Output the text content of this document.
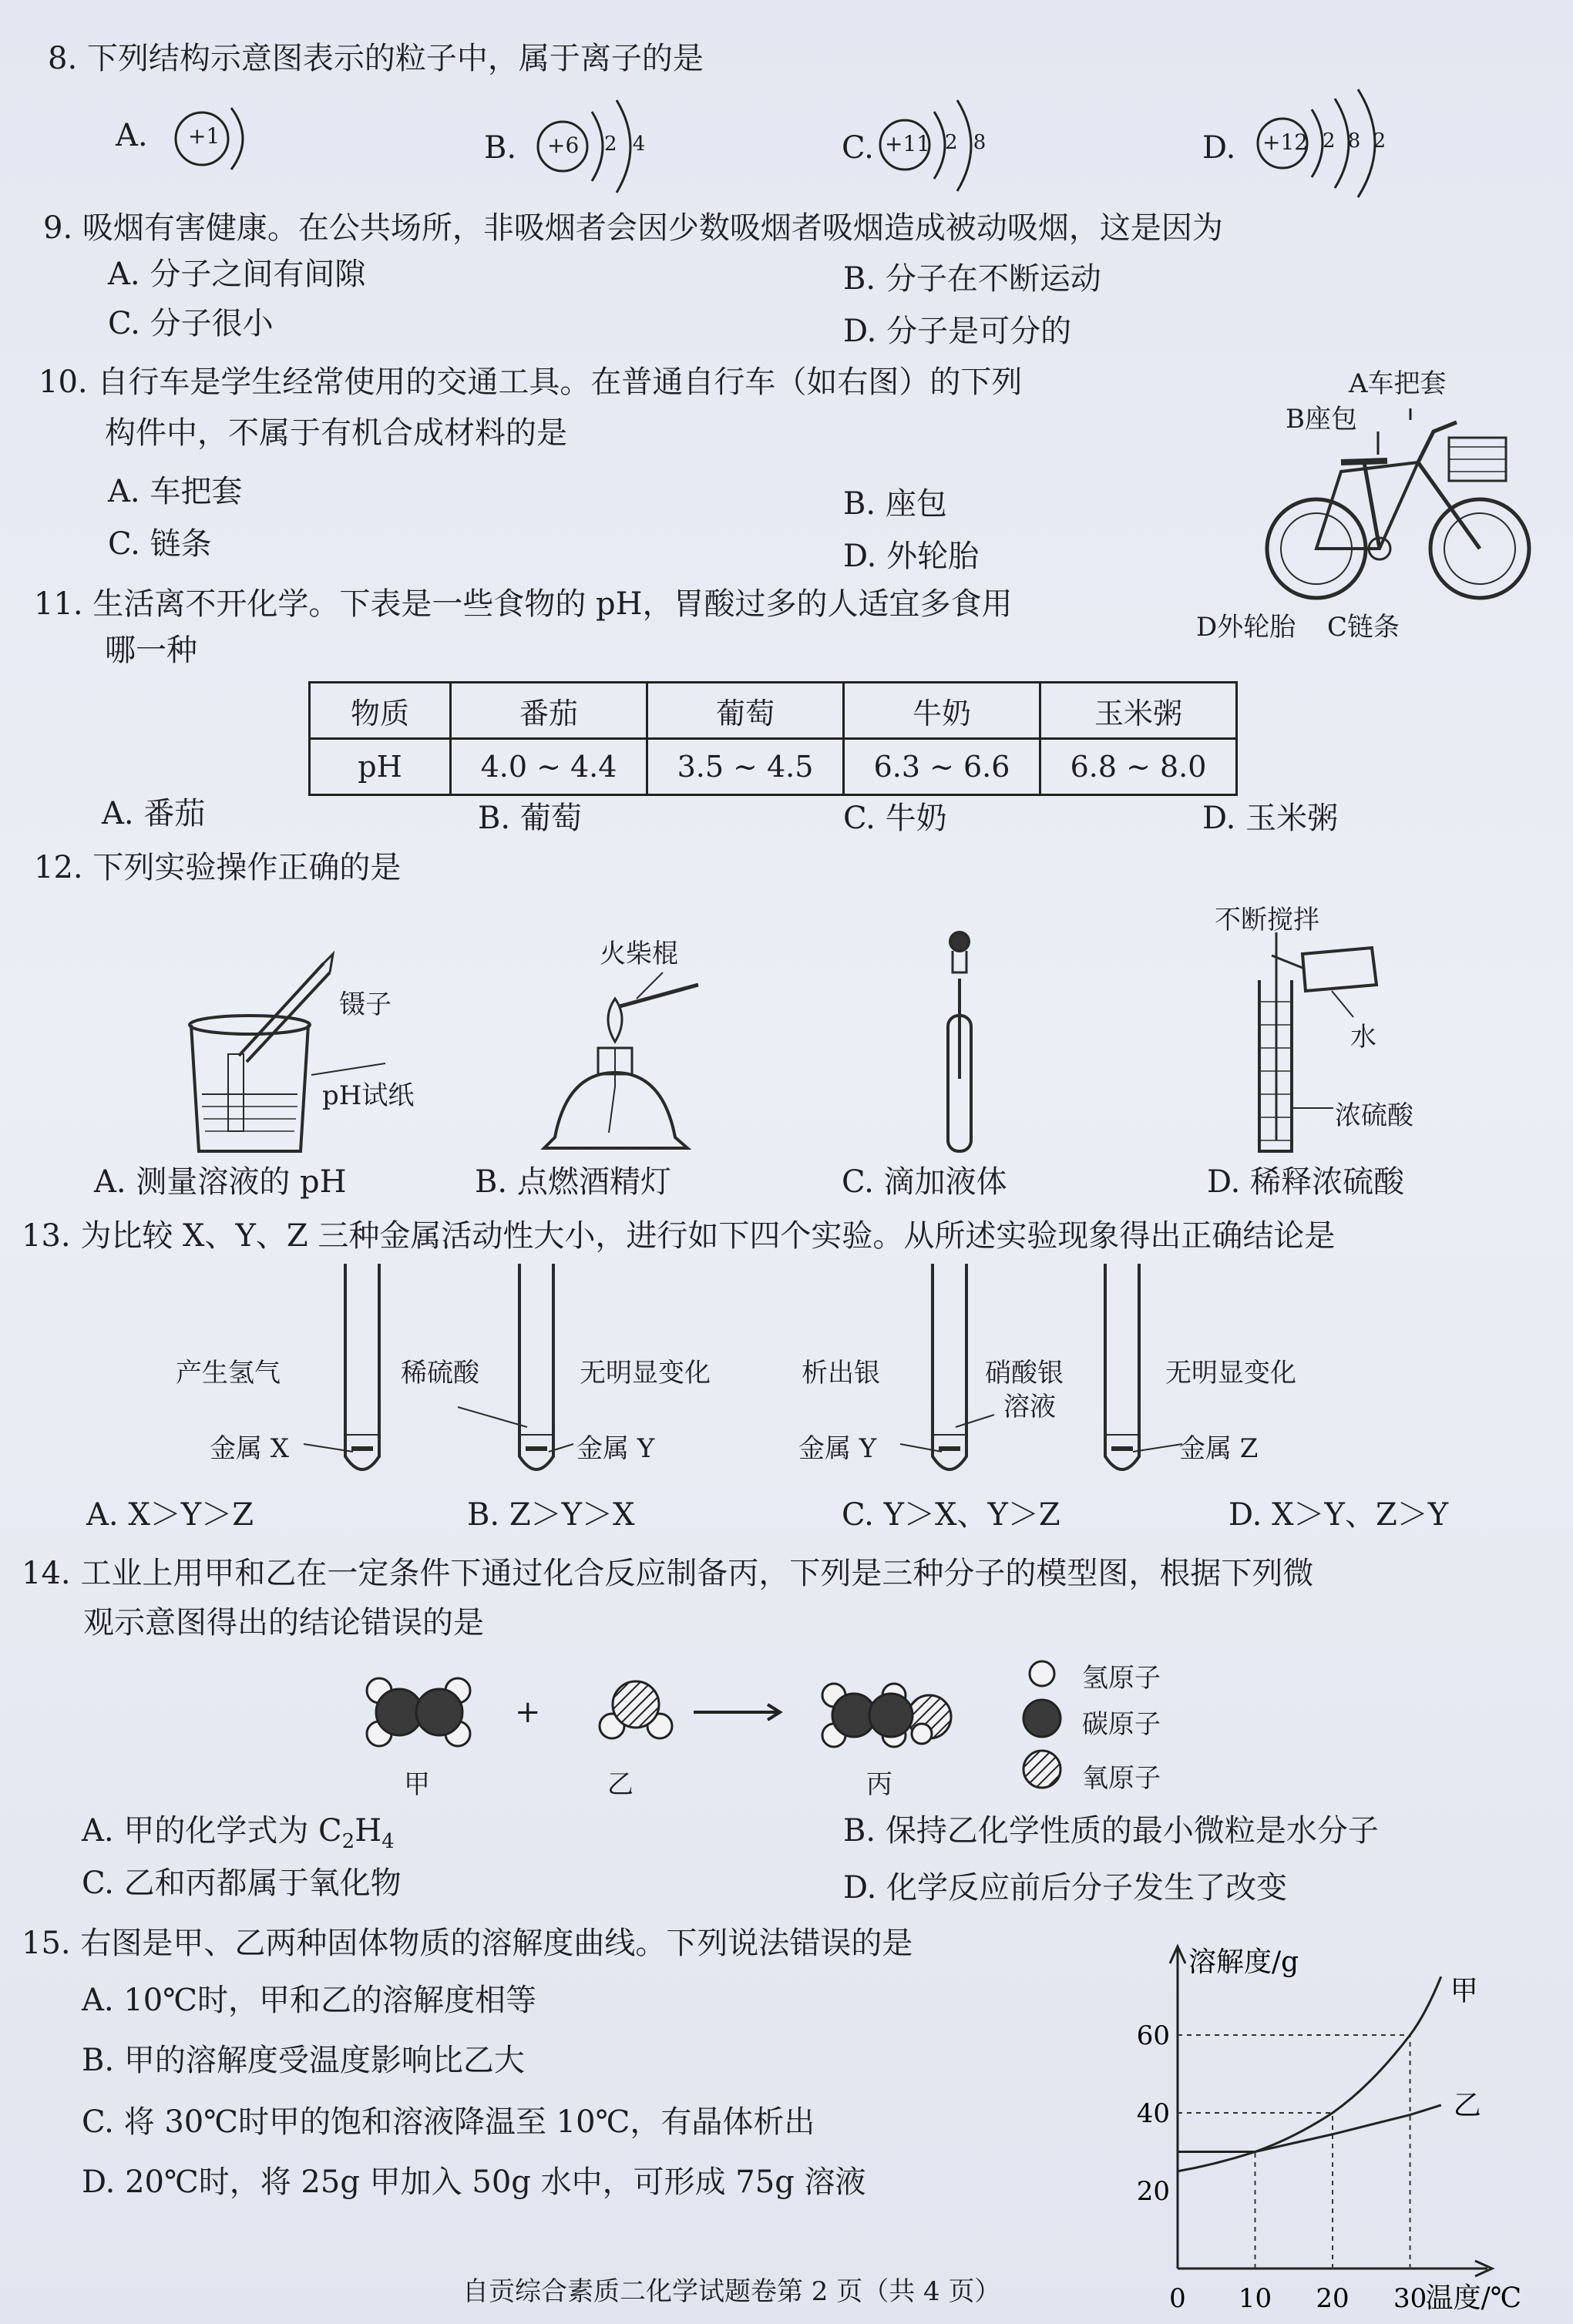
8. 下列结构示意图表示的粒子中，属于离子的是
A.	B.	C.	D.
+1	+6 2 4	+11 2 8	+12 2 8 2
9. 吸烟有害健康。在公共场所，非吸烟者会因少数吸烟者吸烟造成被动吸烟，这是因为
A. 分子之间有间隙	B. 分子在不断运动
C. 分子很小	D. 分子是可分的
10. 自行车是学生经常使用的交通工具。在普通自行车（如右图）的下列
构件中，不属于有机合成材料的是
A. 车把套	B. 座包
C. 链条	D. 外轮胎
A车把套
B座包
D外轮胎 C链条
11. 生活离不开化学。下表是一些食物的 pH，胃酸过多的人适宜多食用
哪一种
物质	番茄	葡萄	牛奶	玉米粥
pH	4.0 ~ 4.4	3.5 ~ 4.5	6.3 ~ 6.6	6.8 ~ 8.0
A. 番茄	B. 葡萄	C. 牛奶	D. 玉米粥
12. 下列实验操作正确的是
镊子
pH试纸
火柴棍
不断搅拌
水
浓硫酸
A. 测量溶液的 pH	B. 点燃酒精灯	C. 滴加液体	D. 稀释浓硫酸
13. 为比较 X、Y、Z 三种金属活动性大小，进行如下四个实验。从所述实验现象得出正确结论是
产生氢气	稀硫酸	无明显变化
金属 X	金属 Y
析出银	硝酸银
溶液
无明显变化
金属 Y	金属 Z
A. X＞Y＞Z	B. Z＞Y＞X	C. Y＞X、Y＞Z	D. X＞Y、Z＞Y
14. 工业上用甲和乙在一定条件下通过化合反应制备丙，下列是三种分子的模型图，根据下列微
观示意图得出的结论错误的是
+
甲	乙	丙
氢原子
碳原子
氧原子
A. 甲的化学式为 $C_2H_4$	B. 保持乙化学性质的最小微粒是水分子
C. 乙和丙都属于氧化物	D. 化学反应前后分子发生了改变
15. 右图是甲、乙两种固体物质的溶解度曲线。下列说法错误的是
A. 10℃时，甲和乙的溶解度相等
B. 甲的溶解度受温度影响比乙大
C. 将 30℃时甲的饱和溶液降温至 10℃，有晶体析出
D. 20℃时，将 25g 甲加入 50g 水中，可形成 75g 溶液
溶解度/g
温度/℃
甲
乙
0 10 20 30
20
40
60
自贡综合素质二化学试题卷第 2 页（共 4 页）
